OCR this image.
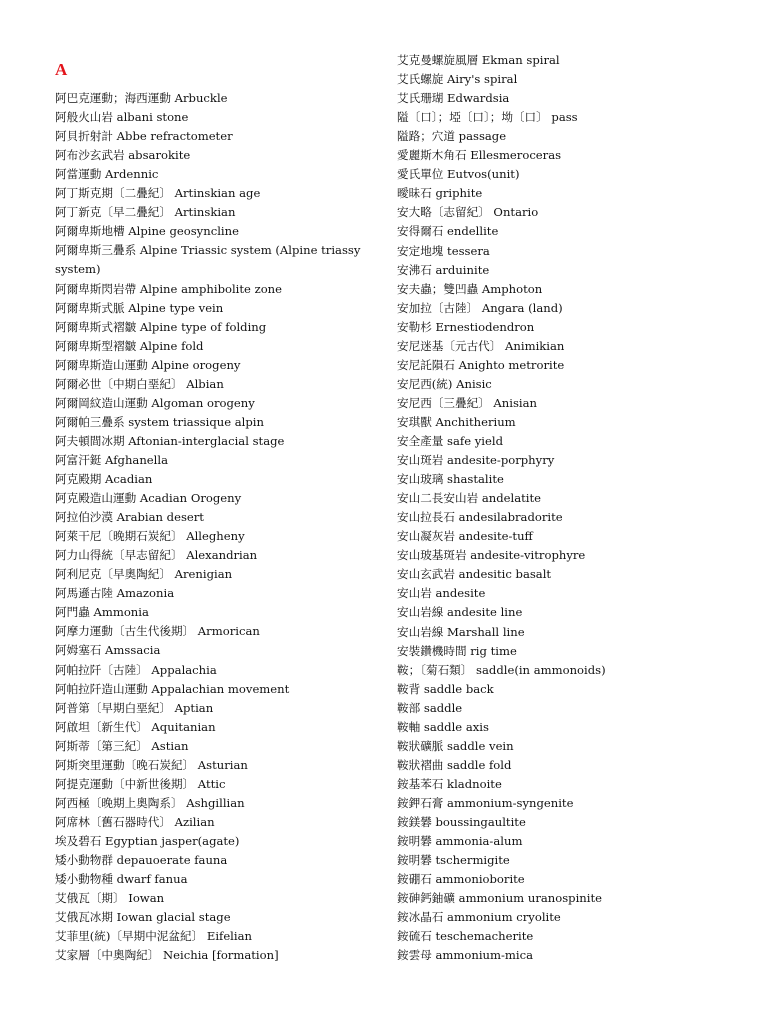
A
阿巴克運動；海西運動 Arbuckle
阿般火山岩 albani stone
阿貝折射計 Abbe refractometer
阿布沙玄武岩 absarokite
阿當運動 Ardennic
阿丁斯克期〔二疊紀〕 Artinskian age
阿丁新克〔早二疊紀〕 Artinskian
阿爾卑斯地槽 Alpine geosyncline
阿爾卑斯三疊系 Alpine Triassic system (Alpine triassy system)
阿爾卑斯閃岩帶 Alpine amphibolite zone
阿爾卑斯式脈 Alpine type vein
阿爾卑斯式褶皺 Alpine type of folding
阿爾卑斯型褶皺 Alpine fold
阿爾卑斯造山運動 Alpine orogeny
阿爾必世〔中期白堊紀〕 Albian
阿爾岡紋造山運動 Algoman orogeny
阿爾帕三疊系 system triassique alpin
阿夫頓間冰期 Aftonian-interglacial stage
阿富汗鋌 Afghanella
阿克殿期 Acadian
阿克殿造山運動 Acadian Orogeny
阿拉伯沙漠 Arabian desert
阿萊干尼〔晚期石炭紀〕 Allegheny
阿力山得統〔早志留紀〕 Alexandrian
阿利尼克〔早奧陶紀〕 Arenigian
阿馬遜古陸 Amazonia
阿門蟲 Ammonia
阿摩力運動〔古生代後期〕 Armorican
阿姆塞石 Amssacia
阿帕拉阡〔古陸〕 Appalachia
阿帕拉阡造山運動 Appalachian movement
阿普第〔早期白堊紀〕 Aptian
阿啟坦〔新生代〕 Aquitanian
阿斯蒂〔第三紀〕 Astian
阿斯突里運動〔晚石炭紀〕 Asturian
阿提克運動〔中新世後期〕 Attic
阿西極〔晚期上奧陶系〕 Ashgillian
阿席林〔舊石器時代〕 Azilian
埃及碧石 Egyptian jasper(agate)
矮小動物群 depauoerate fauna
矮小動物種 dwarf fanua
艾俄瓦〔期〕 Iowan
艾俄瓦冰期 Iowan glacial stage
艾菲里(統)〔早期中泥盆紀〕 Eifelian
艾家層〔中奧陶紀〕 Neichia [formation]
艾克曼螺旋風層 Ekman spiral
艾氏螺旋 Airy's spiral
艾氏珊瑚 Edwardsia
隘〔口〕；埡〔口〕；坳〔口〕 pass
隘路；穴道 passage
愛麗斯木角石 Ellesmeroceras
愛氏單位 Eutvos(unit)
曖昧石 griphite
安大略〔志留紀〕 Ontario
安得爾石 endellite
安定地塊 tessera
安沸石 arduinite
安夫蟲；雙凹蟲 Amphoton
安加拉〔古陸〕 Angara (land)
安勒杉 Ernestiodendron
安尼迷基〔元古代〕 Animikian
安尼託隕石 Anighto metrorite
安尼西(統) Anisic
安尼西〔三疊紀〕 Anisian
安琪獸 Anchitherium
安全產量 safe yield
安山斑岩 andesite-porphyry
安山玻璃 shastalite
安山二長安山岩 andelatite
安山拉長石 andesilabradorite
安山凝灰岩 andesite-tuff
安山玻基斑岩 andesite-vitrophyre
安山玄武岩 andesitic basalt
安山岩 andesite
安山岩線 andesite line
安山岩線 Marshall line
安裝鑽機時間 rig time
鞍；〔菊石類〕 saddle(in ammonoids)
鞍背 saddle back
鞍部 saddle
鞍軸 saddle axis
鞍狀礦脈 saddle vein
鞍狀褶曲 saddle fold
銨基苯石 kladnoite
銨鉀石膏 ammonium-syngenite
銨鎂礬 boussingaultite
銨明礬 ammonia-alum
銨明礬 tschermigite
銨硼石 ammonioborite
銨砷鈣鈾礦 ammonium uranospinite
銨冰晶石 ammonium cryolite
銨硫石 teschemacherite
銨雲母 ammonium-mica
